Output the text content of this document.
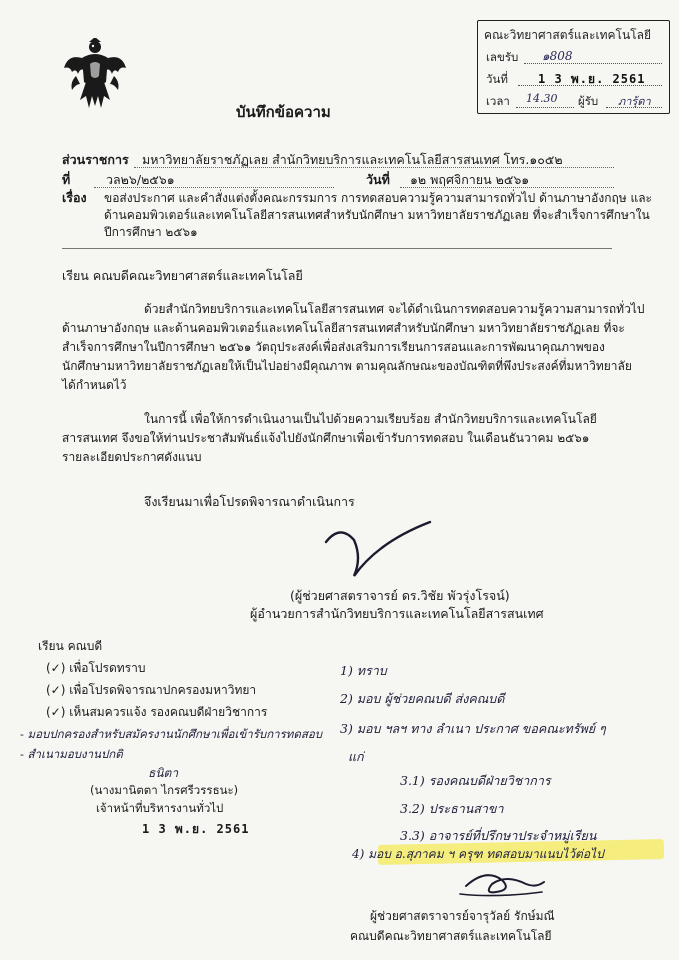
คณะวิทยาศาสตร์และเทคโนโลยี
เลขรับ ๑808
วันที่	1 3 พ.ย. 2561
เวลา 14.30 ผู้รับ ภารุ้ดา
บันทึกข้อความ
ส่วนราชการ มหาวิทยาลัยราชภัฏเลย สำนักวิทยบริการและเทคโนโลยีสารสนเทศ โทร.๑๐๕๒
ที่	วล๒๖/๒๕๖๑	วันที่ ๑๒ พฤศจิกายน ๒๕๖๑
เรื่อง ขอส่งประกาศ และคำสั่งแต่งตั้งคณะกรรมการ การทดสอบความรู้ความสามารถทั่วไป ด้านภาษาอังกฤษ และ
ด้านคอมพิวเตอร์และเทคโนโลยีสารสนเทศสำหรับนักศึกษา มหาวิทยาลัยราชภัฏเลย ที่จะสำเร็จการศึกษาใน
ปีการศึกษา ๒๕๖๑
เรียน คณบดีคณะวิทยาศาสตร์และเทคโนโลยี
ด้วยสำนักวิทยบริการและเทคโนโลยีสารสนเทศ จะได้ดำเนินการทดสอบความรู้ความสามารถทั่วไป
ด้านภาษาอังกฤษ และด้านคอมพิวเตอร์และเทคโนโลยีสารสนเทศสำหรับนักศึกษา มหาวิทยาลัยราชภัฏเลย ที่จะ
สำเร็จการศึกษาในปีการศึกษา ๒๕๖๑ วัตถุประสงค์เพื่อส่งเสริมการเรียนการสอนและการพัฒนาคุณภาพของ
นักศึกษามหาวิทยาลัยราชภัฏเลยให้เป็นไปอย่างมีคุณภาพ ตามคุณลักษณะของบัณฑิตที่พึงประสงค์ที่มหาวิทยาลัย
ได้กำหนดไว้
ในการนี้ เพื่อให้การดำเนินงานเป็นไปด้วยความเรียบร้อย สำนักวิทยบริการและเทคโนโลยี
สารสนเทศ จึงขอให้ท่านประชาสัมพันธ์แจ้งไปยังนักศึกษาเพื่อเข้ารับการทดสอบ ในเดือนธันวาคม ๒๕๖๑
รายละเอียดประกาศดังแนบ
จึงเรียนมาเพื่อโปรดพิจารณาดำเนินการ
(ผู้ช่วยศาสตราจารย์ ดร.วิชัย พัวรุ่งโรจน์)
ผู้อำนวยการสำนักวิทยบริการและเทคโนโลยีสารสนเทศ
เรียน คณบดี
(✓) เพื่อโปรดทราบ
(✓) เพื่อโปรดพิจารณาปกครองมหาวิทยา
(✓) เห็นสมควรแจ้ง รองคณบดีฝ่ายวิชาการ
- มอบปกครองสำหรับสมัครงานนักศึกษาเพื่อเข้ารับการทดสอบ
- สำเนามอบงานปกติ
ธนิตา
(นางมานิตตา ไกรศรีวรรธนะ)
เจ้าหน้าที่บริหารงานทั่วไป
1 3 พ.ย. 2561
1) ทราบ
2) มอบ ผู้ช่วยคณบดี ส่งคณบดี
3) มอบ ฯลฯ ทาง ลำเนา ประกาศ ขอคณะทรัพย์ ๆ
แก่
3.1) รองคณบดีฝ่ายวิชาการ
3.2) ประธานสาขา
3.3) อาจารย์ที่ปรึกษาประจำหมู่เรียน
4) มอบ อ.สุภาคม ฯ ครุฑ ทดสอบมาแนบไว้ต่อไป
ผู้ช่วยศาสตราจารย์จารุวัลย์ รักษ์มณี
คณบดีคณะวิทยาศาสตร์และเทคโนโลยี
